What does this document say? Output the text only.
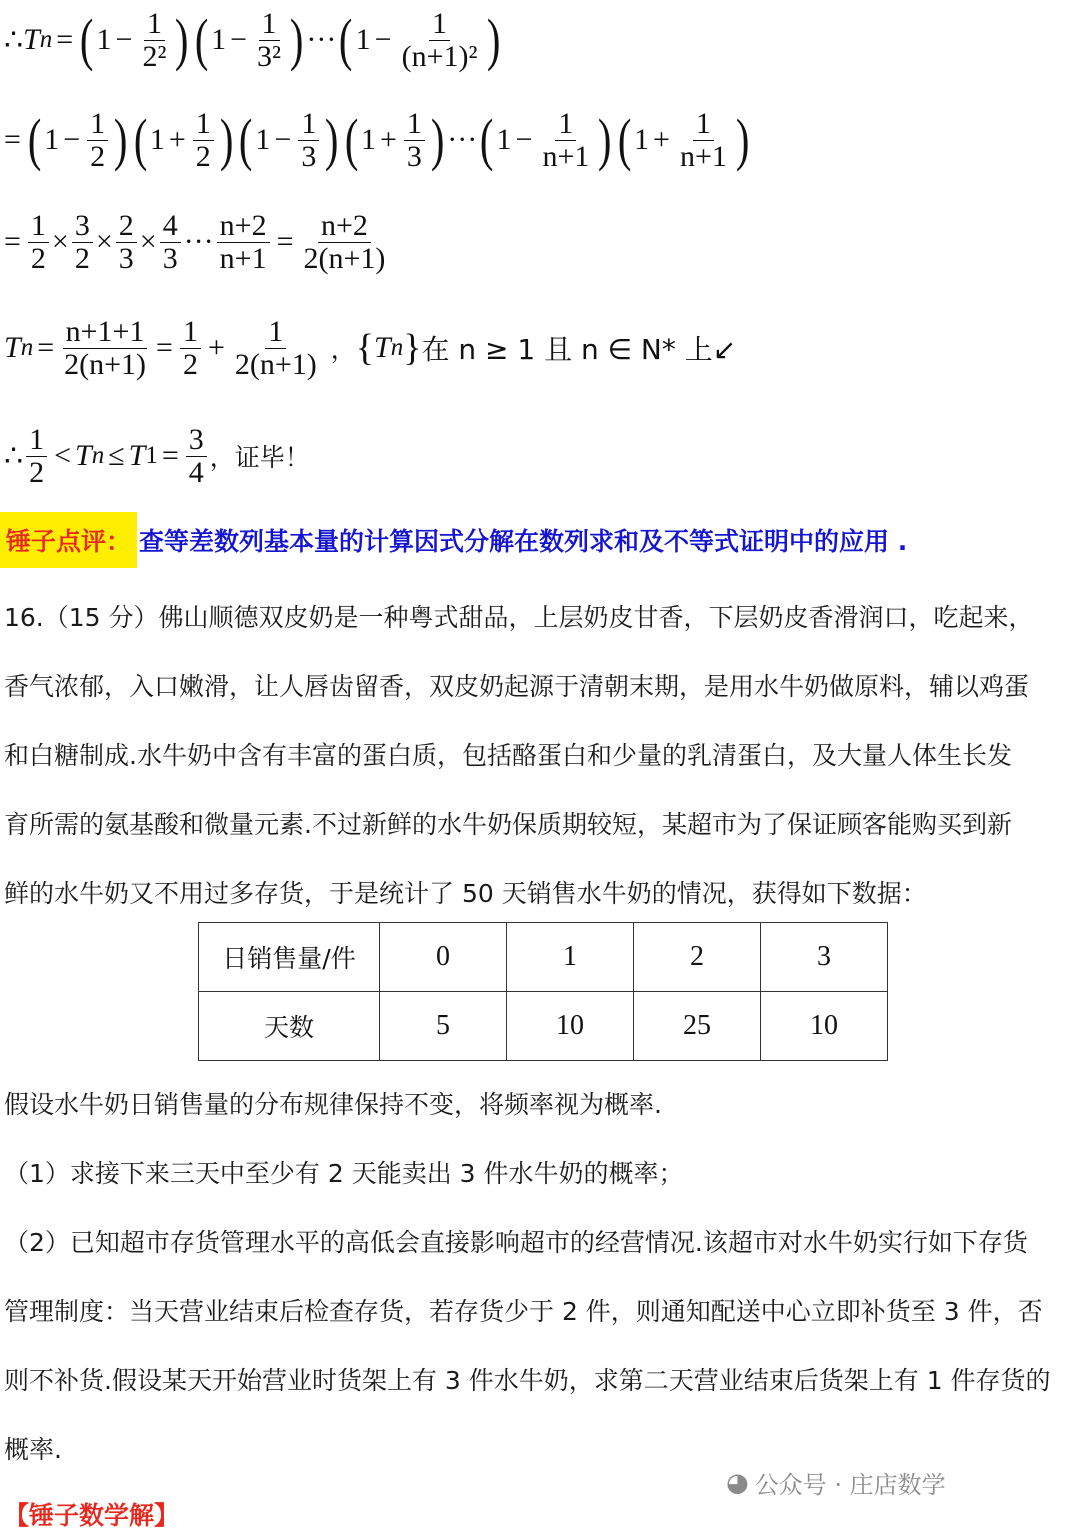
∴ T n = ( $1 - \frac{1}{\text{2²}}$ ) ( $1 - \frac{1}{\text{3²}}$ ) ··· ( $1 - \frac{1}{\text{(n+1)²}}$ )
= ( $1 - \frac{1}{2}$ ) ( $1 + \frac{1}{2}$ ) ( $1 - \frac{1}{3}$ ) ( $1 + \frac{1}{3}$ ) ··· ( $1 - \frac{1}{n+1}$ ) ( $1 + \frac{1}{n+1}$ )
= $\frac{1}{2} \times \frac{3}{2} \times \frac{2}{3} \times \frac{4}{3}$ ··· $\frac{n+2}{n+1} = \frac{n+2}{2(n+1)}$
T $n = \frac{n+1+1}{2(n+1)} = \frac{1}{2} + \frac{1}{2(n+1)}$ ， { T n } 在 n ≥ 1 且 n ∈ N* 上↙
∴ $\frac{1}{2} < T$ n ≤ T $1 = \frac{3}{4}$ ，证毕！
锤子点评： 查等差数列基本量的计算因式分解在数列求和及不等式证明中的应用 .
16.（15 分）佛山顺德双皮奶是一种粤式甜品，上层奶皮甘香，下层奶皮香滑润口，吃起来，
香气浓郁，入口嫩滑，让人唇齿留香，双皮奶起源于清朝末期，是用水牛奶做原料，辅以鸡蛋
和白糖制成.水牛奶中含有丰富的蛋白质，包括酪蛋白和少量的乳清蛋白，及大量人体生长发
育所需的氨基酸和微量元素.不过新鲜的水牛奶保质期较短，某超市为了保证顾客能购买到新
鲜的水牛奶又不用过多存货，于是统计了 50 天销售水牛奶的情况，获得如下数据：
日销售量/件	0	1	2	3
天数	5	10	25	10
假设水牛奶日销售量的分布规律保持不变，将频率视为概率.
（1）求接下来三天中至少有 2 天能卖出 3 件水牛奶的概率；
（2）已知超市存货管理水平的高低会直接影响超市的经营情况.该超市对水牛奶实行如下存货
管理制度：当天营业结束后检查存货，若存货少于 2 件，则通知配送中心立即补货至 3 件，否
则不补货.假设某天开始营业时货架上有 3 件水牛奶，求第二天营业结束后货架上有 1 件存货的
概率.
◕ 公众号 · 庄店数学
【锤子数学解】
